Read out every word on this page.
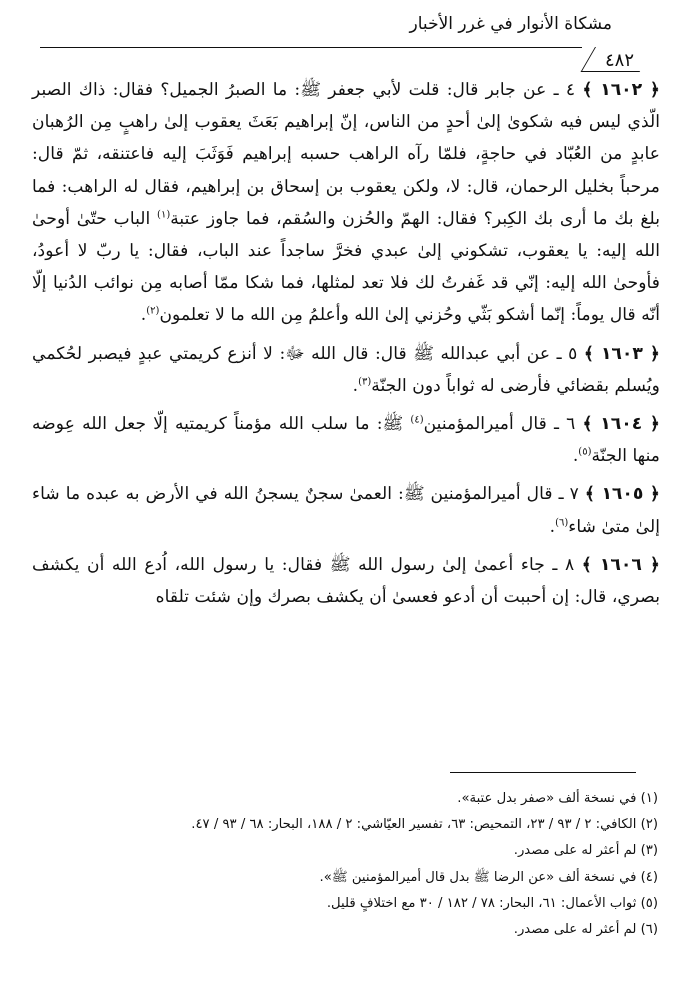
مشكاة الأنوار في غرر الأخبار
٤٨٢

﴿ ١٦٠٢ ﴾ ٤ ـ عن جابر قال: قلت لأبي جعفر ﷺ: ما الصبرُ الجميل؟ فقال: ذاك الصبر الّذي ليس فيه شكوىٰ إلىٰ أحدٍ من الناس، إنّ إبراهيم بَعَثَ يعقوب إلىٰ راهبٍ مِن الرُهبان عابدٍ من العُبّاد في حاجةٍ، فلمّا رآه الراهب حسبه إبراهيم فَوَثَبَ إليه فاعتنقه، ثمّ قال: مرحباً بخليل الرحمان، قال: لا، ولكن يعقوب بن إسحاق بن إبراهيم، فقال له الراهب: فما بلغ بك ما أرى بك الكِبر؟ فقال: الهمّ والحُزن والسُقم، فما جاوز عتبة$^{(١)}$ الباب حتّىٰ أوحىٰ الله إليه: يا يعقوب، تشكوني إلىٰ عبدي فخرَّ ساجداً عند الباب، فقال: يا ربّ لا أعودُ، فأوحىٰ الله إليه: إنّي قد غَفرتُ لك فلا تعد لمثلها، فما شكا ممّا أصابه مِن نوائب الدُنيا إلّا أنّه قال يوماً: إنّما أشكو بَثّي وحُزني إلىٰ الله وأعلمُ مِن الله ما لا تعلمون$^{(٢)}$.

﴿ ١٦٠٣ ﴾ ٥ ـ عن أبي عبدالله ﷺ قال: قال الله ﷻ: لا أنزع كريمتي عبدٍ فيصبر لحُكمي ويُسلم بقضائي فأرضى له ثواباً دون الجنّة$^{(٣)}$.

﴿ ١٦٠٤ ﴾ ٦ ـ قال أميرالمؤمنين$^{(٤)}$ ﷺ: ما سلب الله مؤمناً كريمتيه إلّا جعل الله عِوضه منها الجنّة$^{(٥)}$.

﴿ ١٦٠٥ ﴾ ٧ ـ قال أميرالمؤمنين ﷺ: العمىٰ سجنٌ يسجنُ الله في الأرض به عبده ما شاء إلىٰ متىٰ شاء$^{(٦)}$.

﴿ ١٦٠٦ ﴾ ٨ ـ جاء أعمىٰ إلىٰ رسول الله ﷺ فقال: يا رسول الله، اُدع الله أن يكشف بصري، قال: إن أحببت أن أدعو فعسىٰ أن يكشف بصرك وإن شئت تلقاه

(١) في نسخة ألف «صفر بدل عتبة».
(٢) الكافي: ٢ / ٩٣ / ٢٣، التمحيص: ٦٣، تفسير العيّاشي: ٢ / ١٨٨، البحار: ٦٨ / ٩٣ / ٤٧.
(٣) لم أعثر له على مصدر.
(٤) في نسخة ألف «عن الرضا ﷺ بدل قال أميرالمؤمنين ﷺ».
(٥) ثواب الأعمال: ٦١، البحار: ٧٨ / ١٨٢ / ٣٠ مع اختلافٍ قليل.
(٦) لم أعثر له على مصدر.
